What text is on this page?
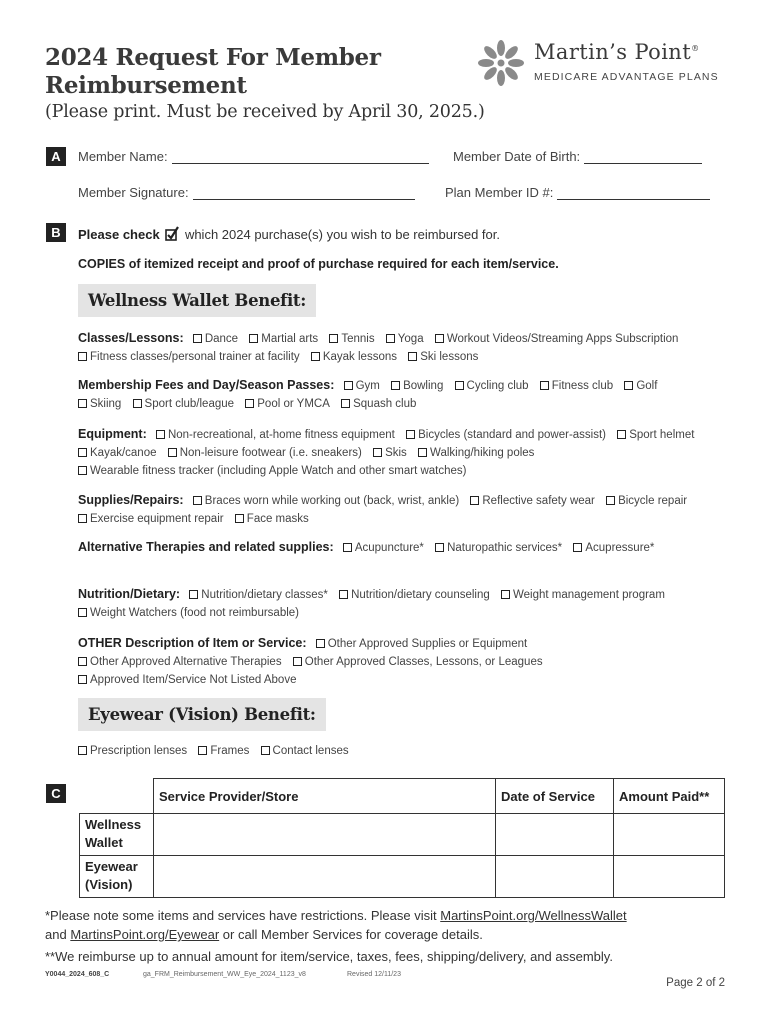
2024 Request For Member
Reimbursement
(Please print. Must be received by April 30, 2025.)
Martin’s Point®
MEDICARE ADVANTAGE PLANS
A	Member Name:	Member Date of Birth:
Member Signature:	Plan Member ID #:
B	Please check which 2024 purchase(s) you wish to be reimbursed for.
COPIES of itemized receipt and proof of purchase required for each item/service.
Wellness Wallet Benefit:
Classes/Lessons: Dance Martial arts Tennis Yoga Workout Videos/Streaming Apps Subscription Fitness classes/personal trainer at facility Kayak lessons Ski lessons
Membership Fees and Day/Season Passes: Gym Bowling Cycling club Fitness club Golf Skiing Sport club/league Pool or YMCA Squash club
Equipment: Non-recreational, at-home fitness equipment Bicycles (standard and power-assist) Sport helmet Kayak/canoe Non-leisure footwear (i.e. sneakers) Skis Walking/hiking poles Wearable fitness tracker (including Apple Watch and other smart watches)
Supplies/Repairs: Braces worn while working out (back, wrist, ankle) Reflective safety wear Bicycle repair Exercise equipment repair Face masks
Alternative Therapies and related supplies: Acupuncture* Naturopathic services* Acupressure*
Nutrition/Dietary: Nutrition/dietary classes* Nutrition/dietary counseling Weight management program Weight Watchers (food not reimbursable)
OTHER Description of Item or Service: Other Approved Supplies or Equipment Other Approved Alternative Therapies Other Approved Classes, Lessons, or Leagues Approved Item/Service Not Listed Above
Eyewear (Vision) Benefit:
Prescription lenses Frames Contact lenses
C
		Service Provider/Store	Date of Service	Amount Paid**

Wellness
Wallet			

Eyewear
(Vision)			

*Please note some items and services have restrictions. Please visit MartinsPoint.org/WellnessWallet
and MartinsPoint.org/Eyewear or call Member Services for coverage details.
**We reimburse up to annual amount for item/service, taxes, fees, shipping/delivery, and assembly.
Y0044_2024_608_C	ga_FRM_Reimbursement_WW_Eye_2024_1123_v8	Revised 12/11/23
Page 2 of 2
